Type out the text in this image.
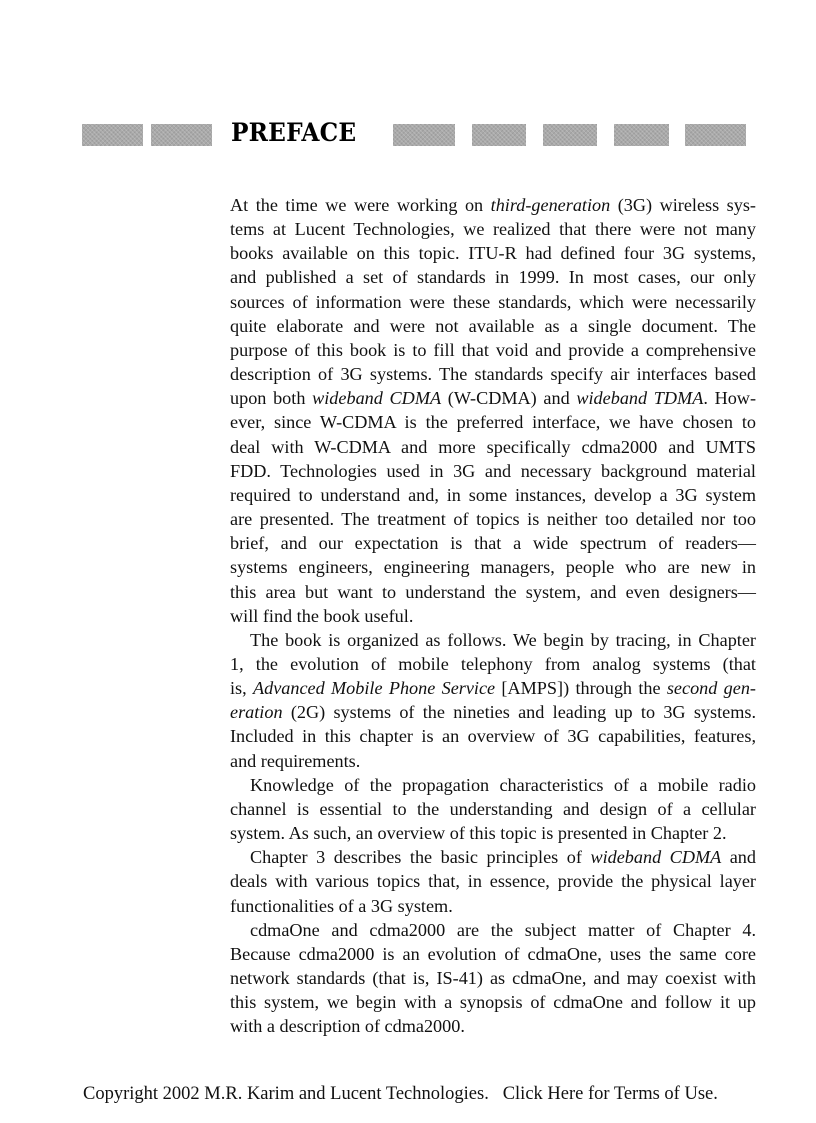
PREFACE

At the time we were working on third-generation (3G) wireless sys-
tems at Lucent Technologies, we realized that there were not many
books available on this topic. ITU-R had defined four 3G systems,
and published a set of standards in 1999. In most cases, our only
sources of information were these standards, which were necessarily
quite elaborate and were not available as a single document. The
purpose of this book is to fill that void and provide a comprehensive
description of 3G systems. The standards specify air interfaces based
upon both wideband CDMA (W-CDMA) and wideband TDMA. How-
ever, since W-CDMA is the preferred interface, we have chosen to
deal with W-CDMA and more specifically cdma2000 and UMTS
FDD. Technologies used in 3G and necessary background material
required to understand and, in some instances, develop a 3G system
are presented. The treatment of topics is neither too detailed nor too
brief, and our expectation is that a wide spectrum of readers—
systems engineers, engineering managers, people who are new in
this area but want to understand the system, and even designers—
will find the book useful.

The book is organized as follows. We begin by tracing, in Chapter
1, the evolution of mobile telephony from analog systems (that
is, Advanced Mobile Phone Service [AMPS]) through the second gen-
eration (2G) systems of the nineties and leading up to 3G systems.
Included in this chapter is an overview of 3G capabilities, features,
and requirements.

Knowledge of the propagation characteristics of a mobile radio
channel is essential to the understanding and design of a cellular
system. As such, an overview of this topic is presented in Chapter 2.

Chapter 3 describes the basic principles of wideband CDMA and
deals with various topics that, in essence, provide the physical layer
functionalities of a 3G system.

cdmaOne and cdma2000 are the subject matter of Chapter 4.
Because cdma2000 is an evolution of cdmaOne, uses the same core
network standards (that is, IS-41) as cdmaOne, and may coexist with
this system, we begin with a synopsis of cdmaOne and follow it up
with a description of cdma2000.

Copyright 2002 M.R. Karim and Lucent Technologies. Click Here for Terms of Use.
